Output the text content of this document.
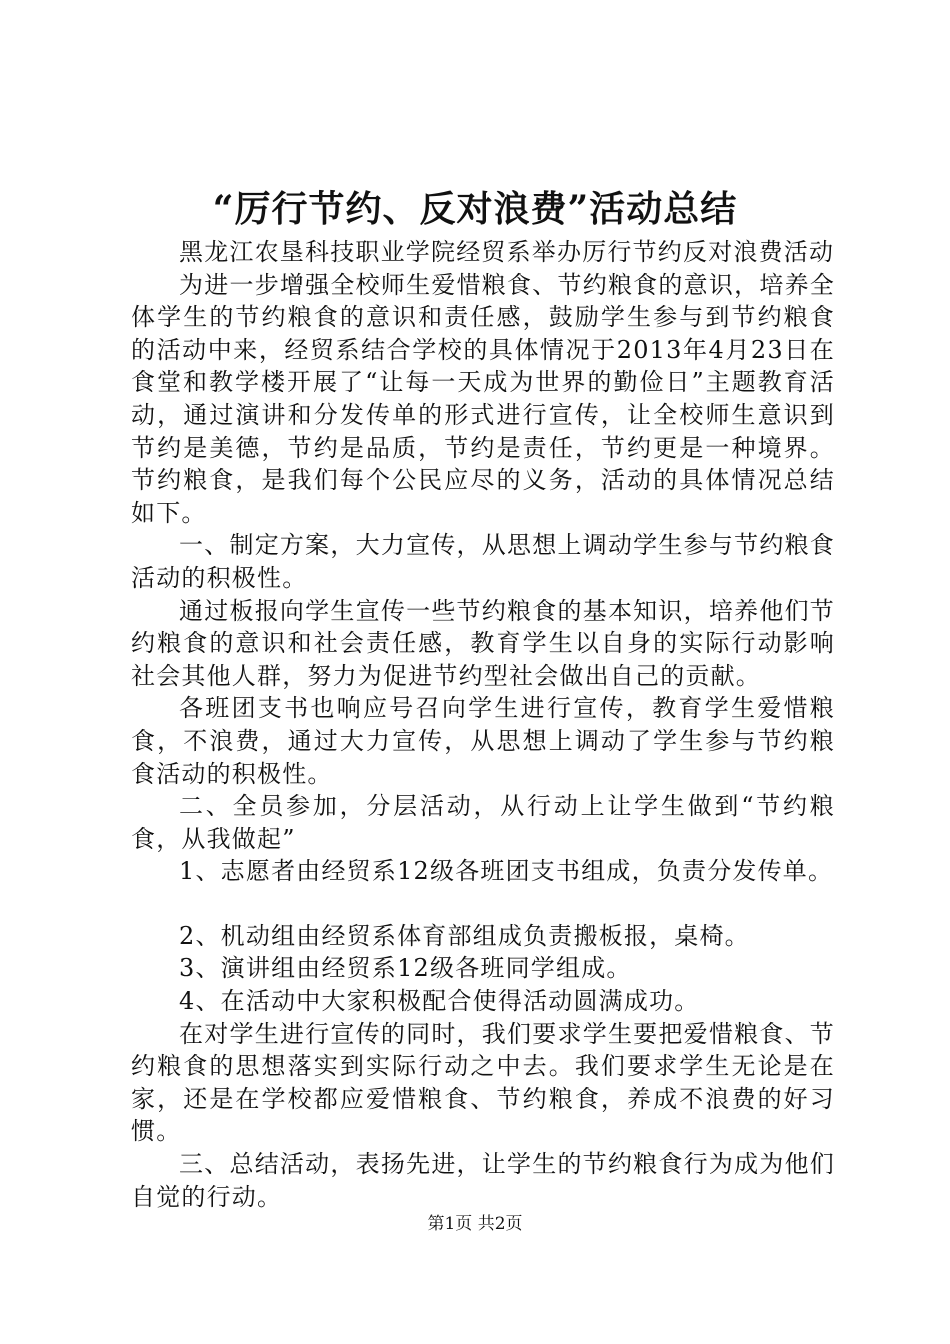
“厉行节约、反对浪费”活动总结

黑龙江农垦科技职业学院经贸系举办厉行节约反对浪费活动

为进一步增强全校师生爱惜粮食、节约粮食的意识，培养全体学生的节约粮食的意识和责任感，鼓励学生参与到节约粮食的活动中来，经贸系结合学校的具体情况于2013年4月23日在食堂和教学楼开展了“让每一天成为世界的勤俭日”主题教育活动，通过演讲和分发传单的形式进行宣传，让全校师生意识到节约是美德，节约是品质，节约是责任，节约更是一种境界。节约粮食，是我们每个公民应尽的义务，活动的具体情况总结如下。

一、制定方案，大力宣传，从思想上调动学生参与节约粮食活动的积极性。

通过板报向学生宣传一些节约粮食的基本知识，培养他们节约粮食的意识和社会责任感，教育学生以自身的实际行动影响社会其他人群，努力为促进节约型社会做出自己的贡献。

各班团支书也响应号召向学生进行宣传，教育学生爱惜粮食，不浪费，通过大力宣传，从思想上调动了学生参与节约粮食活动的积极性。

二、全员参加，分层活动，从行动上让学生做到“节约粮食，从我做起”

1、志愿者由经贸系12级各班团支书组成，负责分发传单。

2、机动组由经贸系体育部组成负责搬板报，桌椅。

3、演讲组由经贸系12级各班同学组成。

4、在活动中大家积极配合使得活动圆满成功。

在对学生进行宣传的同时，我们要求学生要把爱惜粮食、节约粮食的思想落实到实际行动之中去。我们要求学生无论是在家，还是在学校都应爱惜粮食、节约粮食，养成不浪费的好习惯。

三、总结活动，表扬先进，让学生的节约粮食行为成为他们自觉的行动。

第1页 共2页
